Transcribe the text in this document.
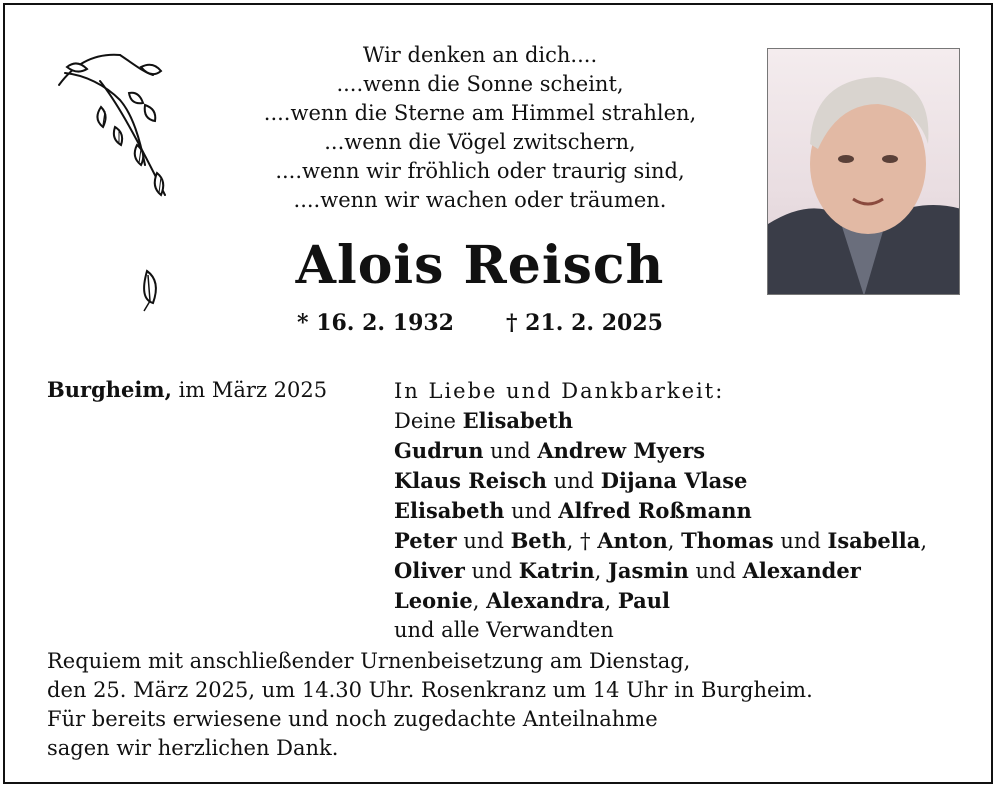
Wir denken an dich....
....wenn die Sonne scheint,
....wenn die Sterne am Himmel strahlen,
...wenn die Vögel zwitschern,
....wenn wir fröhlich oder traurig sind,
....wenn wir wachen oder träumen.
Alois Reisch
* 16. 2. 1932 † 21. 2. 2025
Burgheim, im März 2025	In Liebe und Dankbarkeit:
Deine Elisabeth
Gudrun und Andrew Myers
Klaus Reisch und Dijana Vlase
Elisabeth und Alfred Roßmann
Peter und Beth, † Anton, Thomas und Isabella,
Oliver und Katrin, Jasmin und Alexander
Leonie, Alexandra, Paul
und alle Verwandten
Requiem mit anschließender Urnenbeisetzung am Dienstag,
den 25. März 2025, um 14.30 Uhr. Rosenkranz um 14 Uhr in Burgheim.
Für bereits erwiesene und noch zugedachte Anteilnahme
sagen wir herzlichen Dank.
